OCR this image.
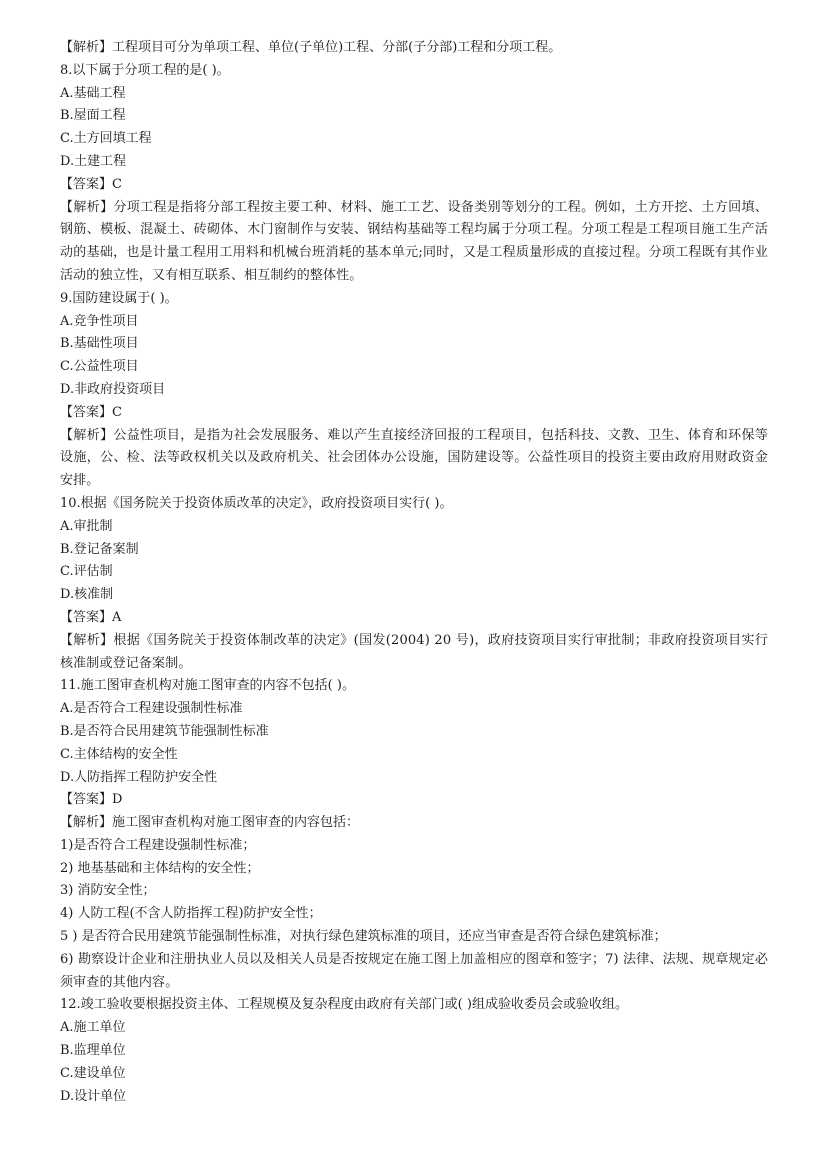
【解析】工程项目可分为单项工程、单位(子单位)工程、分部(子分部)工程和分项工程。

8.以下属于分项工程的是( )。

A.基础工程

B.屋面工程

C.土方回填工程

D.土建工程

【答案】C

【解析】分项工程是指将分部工程按主要工种、材料、施工工艺、设备类别等划分的工程。例如，土方开挖、土方回填、钢筋、模板、混凝土、砖砌体、木门窗制作与安装、钢结构基础等工程均属于分项工程。分项工程是工程项目施工生产活动的基础，也是计量工程用工用料和机械台班消耗的基本单元;同时，又是工程质量形成的直接过程。分项工程既有其作业活动的独立性，又有相互联系、相互制约的整体性。

9.国防建设属于( )。

A.竞争性项目

B.基础性项目

C.公益性项目

D.非政府投资项目

【答案】C

【解析】公益性项目，是指为社会发展服务、难以产生直接经济回报的工程项目，包括科技、文教、卫生、体育和环保等设施，公、检、法等政权机关以及政府机关、社会团体办公设施，国防建设等。公益性项目的投资主要由政府用财政资金安排。

10.根据《国务院关于投资体质改革的决定》，政府投资项目实行( )。

A.审批制

B.登记备案制

C.评估制

D.核准制

【答案】A

【解析】根据《国务院关于投资体制改革的决定》(国发(2004) 20 号)，政府技资项目实行审批制；非政府投资项目实行核准制或登记备案制。

11.施工图审查机构对施工图审查的内容不包括( )。

A.是否符合工程建设强制性标准

B.是否符合民用建筑节能强制性标准

C.主体结构的安全性

D.人防指挥工程防护安全性

【答案】D

【解析】施工图审查机构对施工图审查的内容包括：

1)是否符合工程建设强制性标准；

2) 地基基础和主体结构的安全性；

3) 消防安全性；

4) 人防工程(不含人防指挥工程)防护安全性；

5 ) 是否符合民用建筑节能强制性标准，对执行绿色建筑标准的项目，还应当审查是否符合绿色建筑标准；

6) 勘察设计企业和注册执业人员以及相关人员是否按规定在施工图上加盖相应的图章和签字；7) 法律、法规、规章规定必须审查的其他内容。

12.竣工验收要根据投资主体、工程规模及复杂程度由政府有关部门或( )组成验收委员会或验收组。

A.施工单位

B.监理单位

C.建设单位

D.设计单位
